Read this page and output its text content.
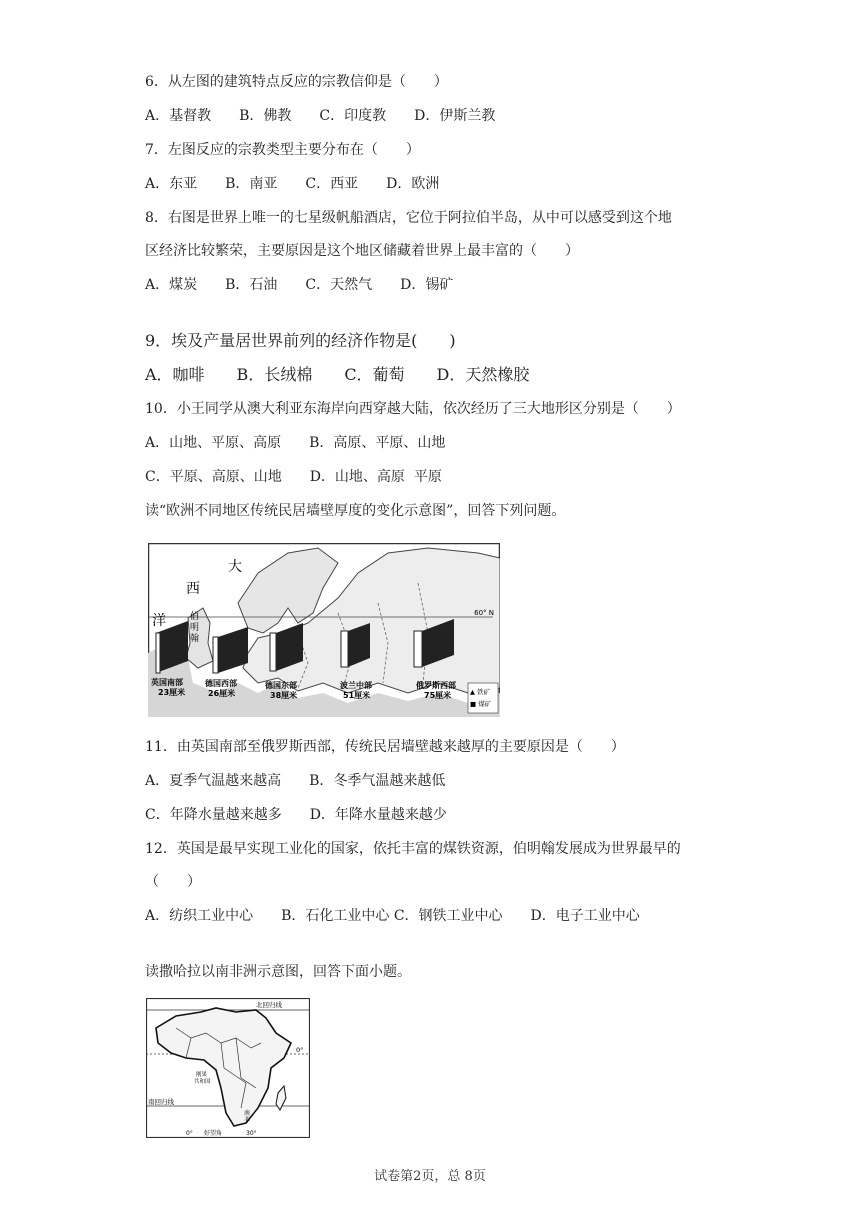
6．从左图的建筑特点反应的宗教信仰是（　　）
A．基督教　　B．佛教　　C．印度教　　D．伊斯兰教
7．左图反应的宗教类型主要分布在（　　）
A．东亚　　B．南亚　　C．西亚　　D．欧洲
8．右图是世界上唯一的七星级帆船酒店，它位于阿拉伯半岛，从中可以感受到这个地
区经济比较繁荣，主要原因是这个地区储藏着世界上最丰富的（　　）
A．煤炭　　B．石油　　C．天然气　　D．锡矿
9．埃及产量居世界前列的经济作物是(　　)
A．咖啡　　B．长绒棉　　C．葡萄　　D．天然橡胶
10．小王同学从澳大利亚东海岸向西穿越大陆，依次经历了三大地形区分别是（　　）
A．山地、平原、高原　　B．高原、平原、山地
C．平原、高原、山地　　D．山地、高原  平原
读“欧洲不同地区传统民居墙壁厚度的变化示意图”，回答下列问题。
60° N
大
西
洋	伯
明
翰
英国南部
23厘米
德国西部
26厘米
德国东部
38厘米
波兰中部
51厘米
俄罗斯西部
75厘米	▲ 铁矿
■ 煤矿
11．由英国南部至俄罗斯西部，传统民居墙壁越来越厚的主要原因是（　　）
A．夏季气温越来越高　　B．冬季气温越来越低
C．年降水量越来越多　　D．年降水量越来越少
12．英国是最早实现工业化的国家，依托丰富的煤铁资源，伯明翰发展成为世界最早的
（　　）
A．纺织工业中心　　B．石化工业中心 C．钢铁工业中心　　D．电子工业中心
读撒哈拉以南非洲示意图，回答下面小题。
北回归线
南回归线
0°
刚果
共和国
南
非
好望角
0°	30°
试卷第2页，总 8页
